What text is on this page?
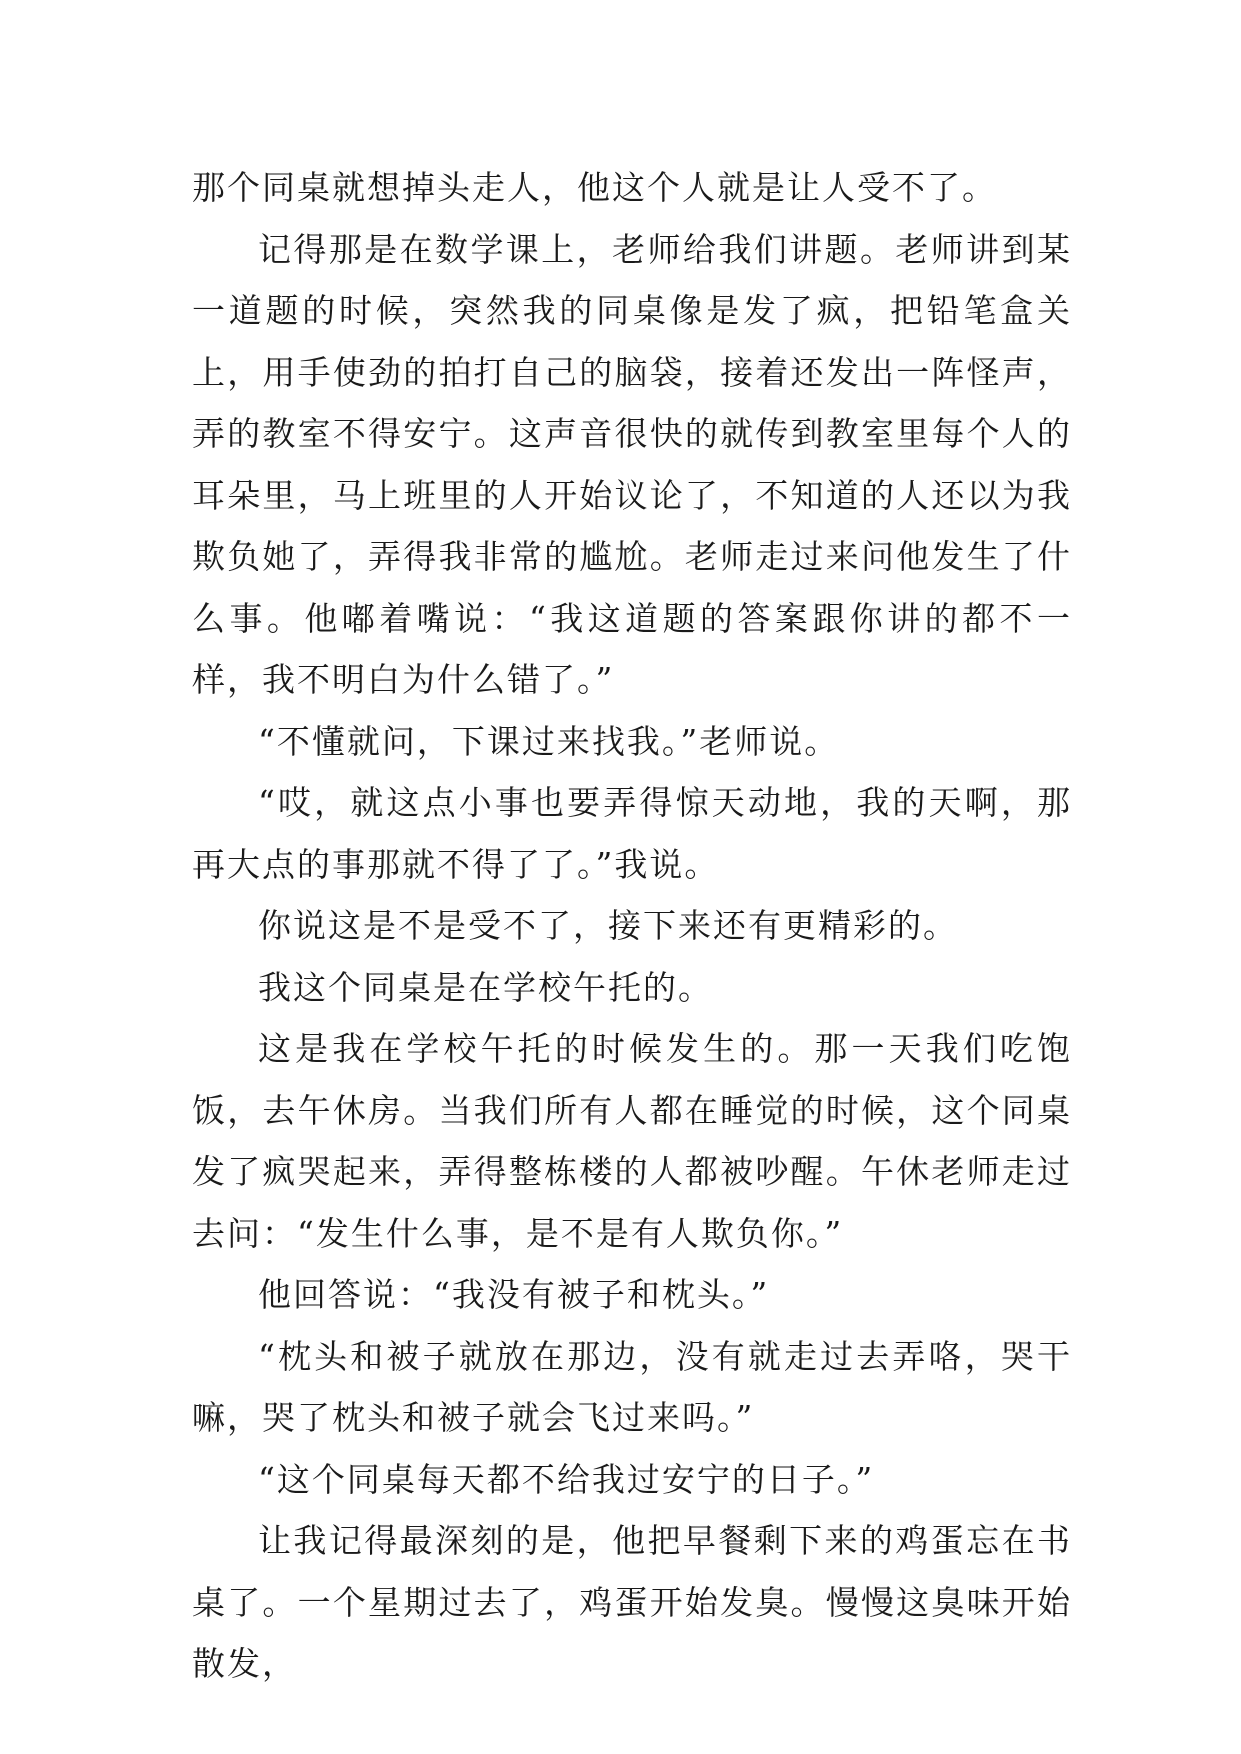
那个同桌就想掉头走人，他这个人就是让人受不了。

记得那是在数学课上，老师给我们讲题。老师讲到某一道题的时候，突然我的同桌像是发了疯，把铅笔盒关上，用手使劲的拍打自己的脑袋，接着还发出一阵怪声，弄的教室不得安宁。这声音很快的就传到教室里每个人的耳朵里，马上班里的人开始议论了，不知道的人还以为我欺负她了，弄得我非常的尴尬。老师走过来问他发生了什么事。他嘟着嘴说：“我这道题的答案跟你讲的都不一样，我不明白为什么错了。”

“不懂就问，下课过来找我。”老师说。

“哎，就这点小事也要弄得惊天动地，我的天啊，那再大点的事那就不得了了。”我说。

你说这是不是受不了，接下来还有更精彩的。

我这个同桌是在学校午托的。

这是我在学校午托的时候发生的。那一天我们吃饱饭，去午休房。当我们所有人都在睡觉的时候，这个同桌发了疯哭起来，弄得整栋楼的人都被吵醒。午休老师走过去问：“发生什么事，是不是有人欺负你。”

他回答说：“我没有被子和枕头。”

“枕头和被子就放在那边，没有就走过去弄咯，哭干嘛，哭了枕头和被子就会飞过来吗。”

“这个同桌每天都不给我过安宁的日子。”

让我记得最深刻的是，他把早餐剩下来的鸡蛋忘在书桌了。一个星期过去了，鸡蛋开始发臭。慢慢这臭味开始散发，
